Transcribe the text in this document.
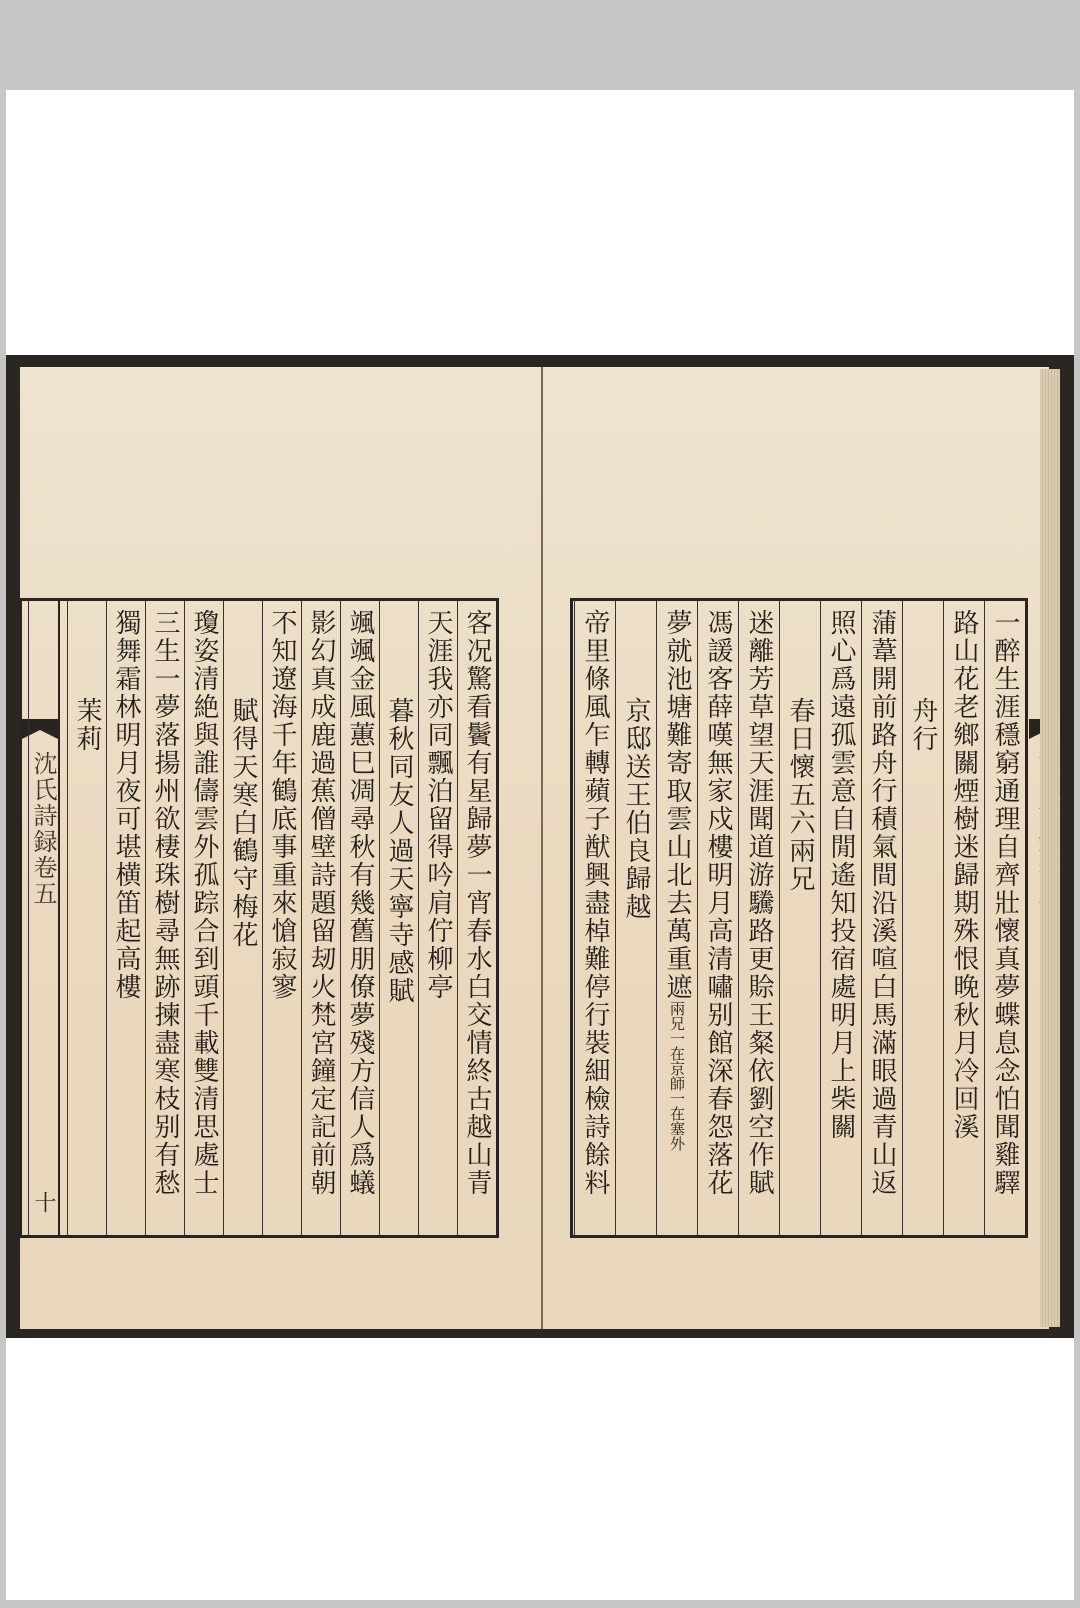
沈氏詩録卷五
十
客况驚看鬢有星歸夢一宵春水白交情終古越山青
天涯我亦同飄泊留得吟肩佇柳亭
暮秋同友人過天寧寺感賦
颯颯金風蕙巳凋尋秋有幾舊朋僚夢殘方信人爲蟻
影幻真成鹿過蕉僧壁詩題留刼火梵宮鐘定記前朝
不知遼海千年鶴底事重來愴寂寥
賦得天寒白鶴守梅花
瓊姿清絶與誰儔雲外孤踪合到頭千載雙清思處士
三生一夢落揚州欲棲珠樹尋無跡揀盡寒枝别有愁
獨舞霜林明月夜可堪横笛起高樓
茉莉	一醉生涯穩窮通理自齊壯懷真夢蝶息念怕聞雞驛
路山花老鄉關煙樹迷歸期殊恨晚秋月冷回溪
舟行
蒲葦開前路舟行積氣間沿溪喧白馬滿眼過青山返
照心爲遠孤雲意自閒遙知投宿處明月上柴關
春日懷五六兩兄
迷離芳草望天涯聞道游驣路更賒王粲依劉空作賦
馮諼客薛嘆無家戍樓明月高清嘯别館深春怨落花
夢就池塘難寄取雲山北去萬重遮
兩兄一在京師一在塞外
京邸送王伯良歸越
帝里條風乍轉蘋子猷興盡棹難停行裝細檢詩餘料
